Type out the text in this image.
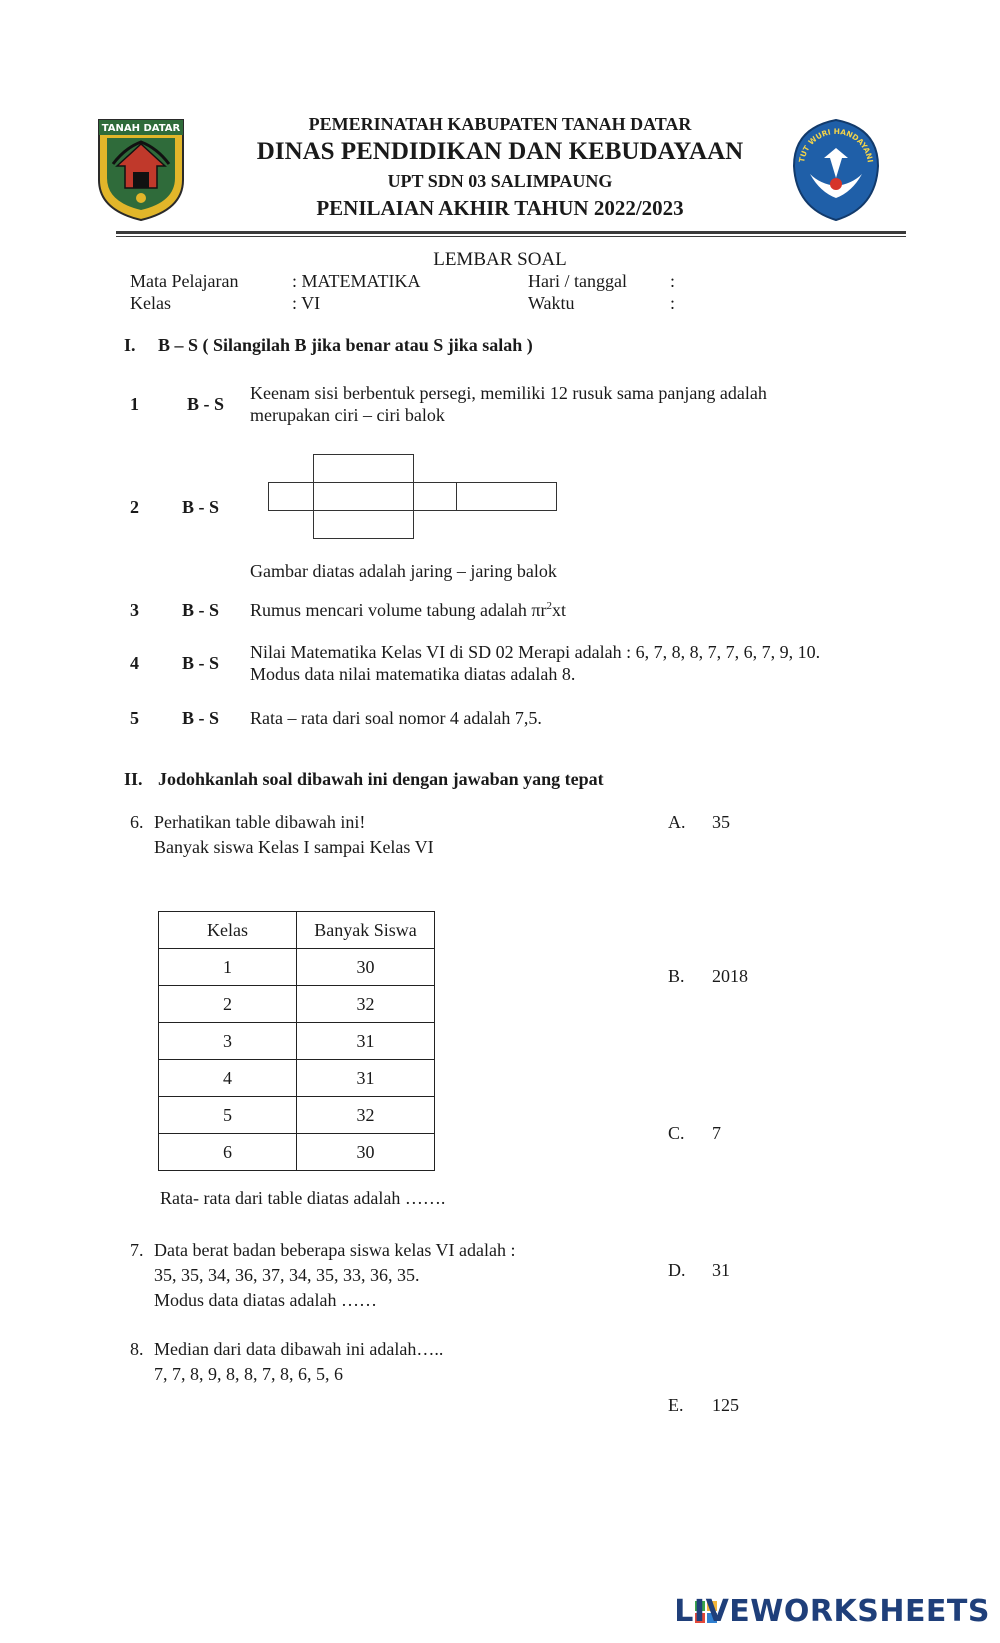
TANAH DATAR
TUT WURI HANDAYANI
PEMERINATAH KABUPATEN TANAH DATAR
DINAS PENDIDIKAN DAN KEBUDAYAAN
UPT SDN 03 SALIMPAUNG
PENILAIAN AKHIR TAHUN 2022/2023
LEMBAR SOAL
Mata Pelajaran	: MATEMATIKA	Hari / tanggal :
Kelas	: VI	Waktu	:
I. B – S ( Silangilah B jika benar atau S jika salah )
1	B - S
Keenam sisi berbentuk persegi, memiliki 12 rusuk sama panjang adalah
merupakan ciri – ciri balok
2 B - S
Gambar diatas adalah jaring – jaring balok
3 B - S Rumus mencari volume tabung adalah $\pi r^2xt$
4 B - S
Nilai Matematika Kelas VI di SD 02 Merapi adalah : 6, 7, 8, 8, 7, 7, 6, 7, 9, 10.
Modus data nilai matematika diatas adalah 8.
5 B - S Rata – rata dari soal nomor 4 adalah 7,5.
II. Jodohkanlah soal dibawah ini dengan jawaban yang tepat
6. Perhatikan table dibawah ini!
Banyak siswa Kelas I sampai Kelas VI
Kelas	Banyak Siswa
1	30
2	32
3	31
4	31
5	32
6	30
Rata- rata dari table diatas adalah …….
7. Data berat badan beberapa siswa kelas VI adalah :
35, 35, 34, 36, 37, 34, 35, 33, 36, 35.
Modus data diatas adalah ……
8. Median dari data dibawah ini adalah…..
7, 7, 8, 9, 8, 8, 7, 8, 6, 5, 6
A. 35
B. 2018
C. 7
D. 31
E. 125
LIVEWORKSHEETS
